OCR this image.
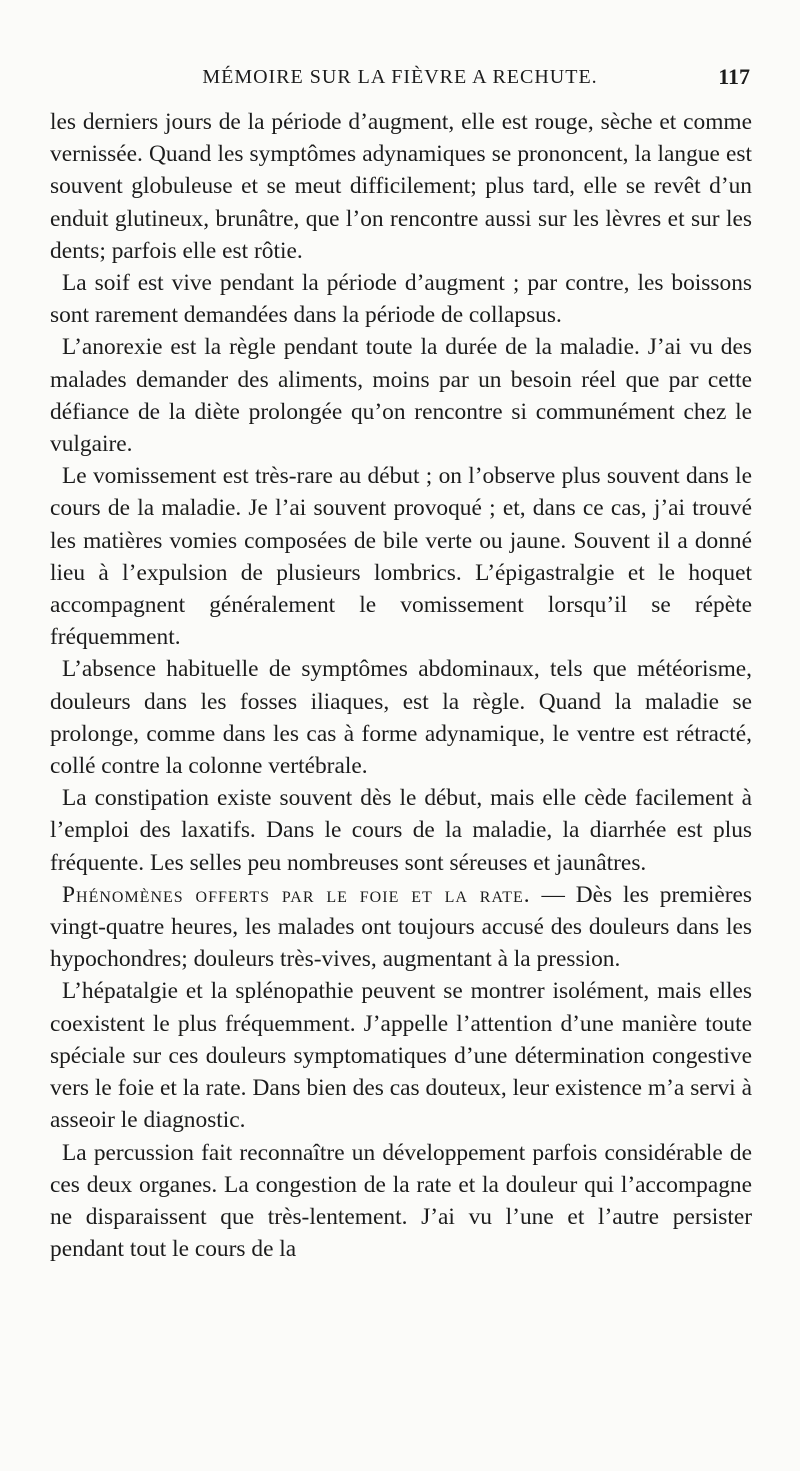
MÉMOIRE SUR LA FIÈVRE A RECHUTE.	117

les derniers jours de la période d’augment, elle est rouge, sèche et comme vernissée. Quand les symptômes adynamiques se prononcent, la langue est souvent globuleuse et se meut difficilement; plus tard, elle se revêt d’un enduit glutineux, brunâtre, que l’on rencontre aussi sur les lèvres et sur les dents; parfois elle est rôtie.

La soif est vive pendant la période d’augment ; par contre, les boissons sont rarement demandées dans la période de collapsus.

L’anorexie est la règle pendant toute la durée de la maladie. J’ai vu des malades demander des aliments, moins par un besoin réel que par cette défiance de la diète prolongée qu’on rencontre si communément chez le vulgaire.

Le vomissement est très-rare au début ; on l’observe plus souvent dans le cours de la maladie. Je l’ai souvent provoqué ; et, dans ce cas, j’ai trouvé les matières vomies composées de bile verte ou jaune. Souvent il a donné lieu à l’expulsion de plusieurs lombrics. L’épigastralgie et le hoquet accompagnent généralement le vomissement lorsqu’il se répète fréquemment.

L’absence habituelle de symptômes abdominaux, tels que météorisme, douleurs dans les fosses iliaques, est la règle. Quand la maladie se prolonge, comme dans les cas à forme adynamique, le ventre est rétracté, collé contre la colonne vertébrale.

La constipation existe souvent dès le début, mais elle cède facilement à l’emploi des laxatifs. Dans le cours de la maladie, la diarrhée est plus fréquente. Les selles peu nombreuses sont séreuses et jaunâtres.

Phénomènes offerts par le foie et la rate. — Dès les premières vingt-quatre heures, les malades ont toujours accusé des douleurs dans les hypochondres; douleurs très-vives, augmentant à la pression.

L’hépatalgie et la splénopathie peuvent se montrer isolément, mais elles coexistent le plus fréquemment. J’appelle l’attention d’une manière toute spéciale sur ces douleurs symptomatiques d’une détermination congestive vers le foie et la rate. Dans bien des cas douteux, leur existence m’a servi à asseoir le diagnostic.

La percussion fait reconnaître un développement parfois considérable de ces deux organes. La congestion de la rate et la douleur qui l’accompagne ne disparaissent que très-lentement. J’ai vu l’une et l’autre persister pendant tout le cours de la
